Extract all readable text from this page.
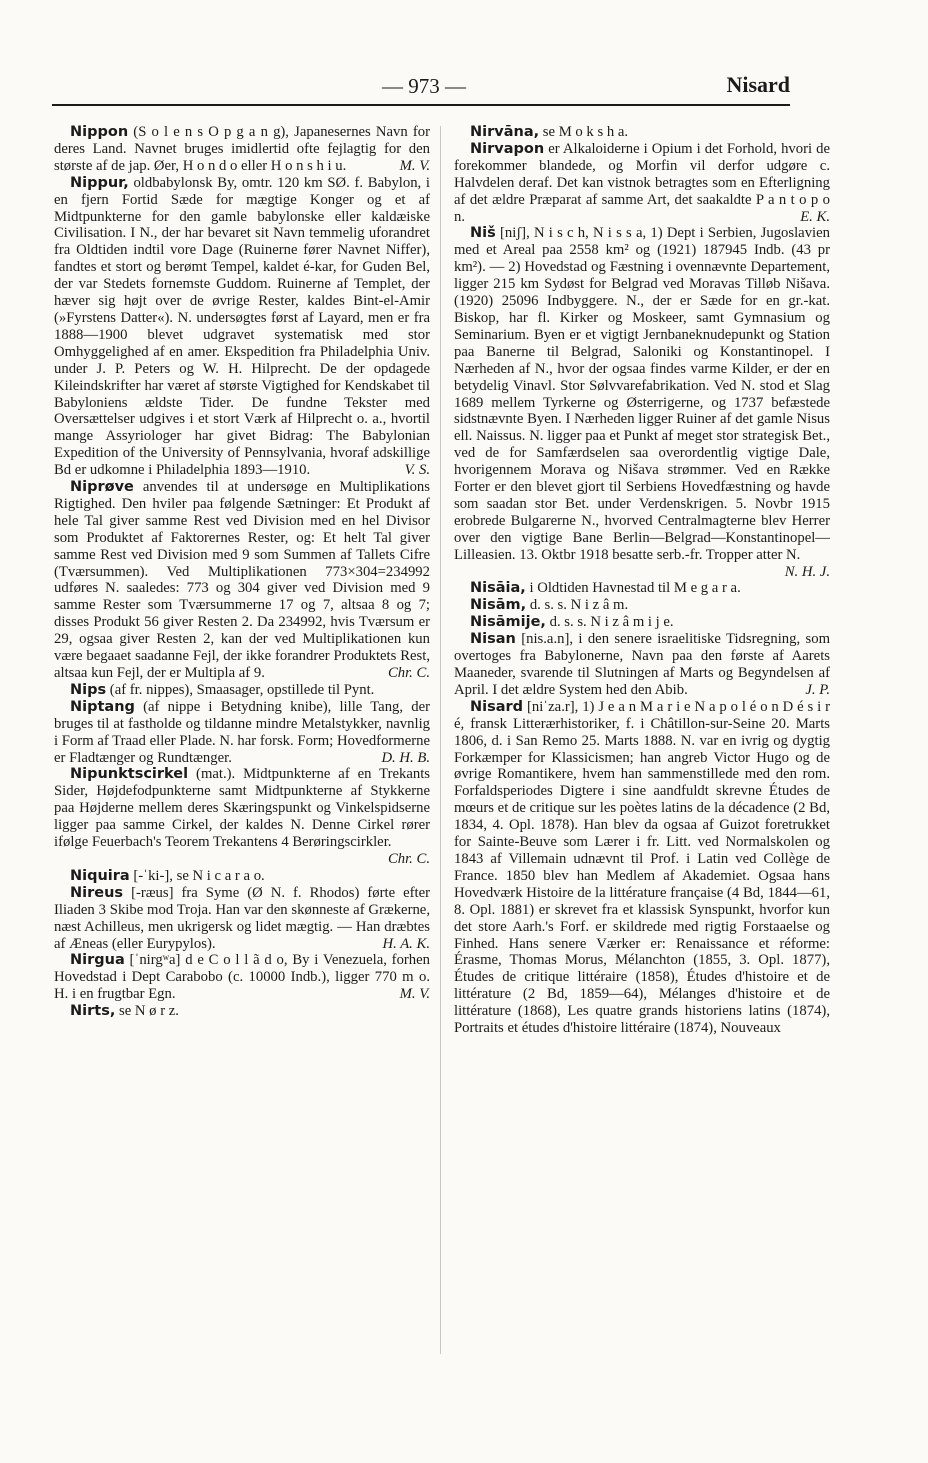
— 973 —	Nisard

Nippon (S o l e n s O p g a n g), Japanesernes Navn for deres Land. Navnet bruges imidlertid ofte fejlagtig for den største af de jap. Øer, H o n d o eller H o n s h i u.	M. V.

Nippur, oldbabylonsk By, omtr. 120 km SØ. f. Babylon, i en fjern Fortid Sæde for mægtige Konger og et af Midtpunkterne for den gamle babylonske eller kaldæiske Civilisation. I N., der har bevaret sit Navn temmelig uforandret fra Oldtiden indtil vore Dage (Ruinerne fører Navnet Niffer), fandtes et stort og berømt Tempel, kaldet é-kar, for Guden Bel, der var Stedets fornemste Guddom. Ruinerne af Templet, der hæver sig højt over de øvrige Rester, kaldes Bint-el-Amir (»Fyrstens Datter«). N. undersøgtes først af Layard, men er fra 1888—1900 blevet udgravet systematisk med stor Omhyggelighed af en amer. Ekspedition fra Philadelphia Univ. under J. P. Peters og W. H. Hilprecht. De der opdagede Kileindskrifter har været af største Vigtighed for Kendskabet til Babyloniens ældste Tider. De fundne Tekster med Oversættelser udgives i et stort Værk af Hilprecht o. a., hvortil mange Assyriologer har givet Bidrag: The Babylonian Expedition of the University of Pennsylvania, hvoraf adskillige Bd er udkomne i Philadelphia 1893—1910.	V. S.

Niprøve anvendes til at undersøge en Multiplikations Rigtighed. Den hviler paa følgende Sætninger: Et Produkt af hele Tal giver samme Rest ved Division med en hel Divisor som Produktet af Faktorernes Rester, og: Et helt Tal giver samme Rest ved Division med 9 som Summen af Tallets Cifre (Tværsummen). Ved Multiplikationen 773×304=234992 udføres N. saaledes: 773 og 304 giver ved Division med 9 samme Rester som Tværsummerne 17 og 7, altsaa 8 og 7; disses Produkt 56 giver Resten 2. Da 234992, hvis Tværsum er 29, ogsaa giver Resten 2, kan der ved Multiplikationen kun være begaaet saadanne Fejl, der ikke forandrer Produktets Rest, altsaa kun Fejl, der er Multipla af 9.	Chr. C.

Nips (af fr. nippes), Smaasager, opstillede til Pynt.

Niptang (af nippe i Betydning knibe), lille Tang, der bruges til at fastholde og tildanne mindre Metalstykker, navnlig i Form af Traad eller Plade. N. har forsk. Form; Hovedformerne er Fladtænger og Rundtænger.	D. H. B.

Nipunktscirkel (mat.). Midtpunkterne af en Trekants Sider, Højdefodpunkterne samt Midtpunkterne af Stykkerne paa Højderne mellem deres Skæringspunkt og Vinkelspidserne ligger paa samme Cirkel, der kaldes N. Denne Cirkel rører ifølge Feuerbach's Teorem Trekantens 4 Berøringscirkler.
Chr. C.

Niquira [-ˈki-], se N i c a r a o.

Nireus [-ræus] fra Syme (Ø N. f. Rhodos) førte efter Iliaden 3 Skibe mod Troja. Han var den skønneste af Grækerne, næst Achilleus, men ukrigersk og lidet mægtig. — Han dræbtes af Æneas (eller Eurypylos).	H. A. K.

Nirgua [ˈnirgʷa] d e C o l l ã d o, By i Venezuela, forhen Hovedstad i Dept Carabobo (c. 10000 Indb.), ligger 770 m o. H. i en frugtbar Egn.	M. V.

Nirts, se N ø r z.

Nirvāna, se M o k s h a.

Nirvapon er Alkaloiderne i Opium i det Forhold, hvori de forekommer blandede, og Morfin vil derfor udgøre c. Halvdelen deraf. Det kan vistnok betragtes som en Efterligning af det ældre Præparat af samme Art, det saakaldte P a n t o p o n.	E. K.

Niš [niʃ], N i s c h, N i s s a, 1) Dept i Serbien, Jugoslavien med et Areal paa 2558 km² og (1921) 187945 Indb. (43 pr km²). — 2) Hovedstad og Fæstning i ovennævnte Departement, ligger 215 km Sydøst for Belgrad ved Moravas Tilløb Nišava. (1920) 25096 Indbyggere. N., der er Sæde for en gr.-kat. Biskop, har fl. Kirker og Moskeer, samt Gymnasium og Seminarium. Byen er et vigtigt Jernbaneknudepunkt og Station paa Banerne til Belgrad, Saloniki og Konstantinopel. I Nærheden af N., hvor der ogsaa findes varme Kilder, er der en betydelig Vinavl. Stor Sølvvarefabrikation. Ved N. stod et Slag 1689 mellem Tyrkerne og Østerrigerne, og 1737 befæstede sidstnævnte Byen. I Nærheden ligger Ruiner af det gamle Nisus ell. Naissus. N. ligger paa et Punkt af meget stor strategisk Bet., ved de for Samfærdselen saa overordentlig vigtige Dale, hvorigennem Morava og Nišava strømmer. Ved en Række Forter er den blevet gjort til Serbiens Hovedfæstning og havde som saadan stor Bet. under Verdenskrigen. 5. Novbr 1915 erobrede Bulgarerne N., hvorved Centralmagterne blev Herrer over den vigtige Bane Berlin—Belgrad—Konstantinopel—Lilleasien. 13. Oktbr 1918 besatte serb.-fr. Tropper atter N.
N. H. J.

Nisāia, i Oldtiden Havnestad til M e g a r a.

Nisām, d. s. s. N i z â m.

Nisāmije, d. s. s. N i z â m i j e.

Nisan [nis.a.n], i den senere israelitiske Tidsregning, som overtoges fra Babylonerne, Navn paa den første af Aarets Maaneder, svarende til Slutningen af Marts og Begyndelsen af April. I det ældre System hed den Abib.	J. P.

Nisard [niˈza.r], 1) J e a n M a r i e N a p o l é o n D é s i r é, fransk Litterærhistoriker, f. i Châtillon-sur-Seine 20. Marts 1806, d. i San Remo 25. Marts 1888. N. var en ivrig og dygtig Forkæmper for Klassicismen; han angreb Victor Hugo og de øvrige Romantikere, hvem han sammenstillede med den rom. Forfaldsperiodes Digtere i sine aandfuldt skrevne Études de mœurs et de critique sur les poètes latins de la décadence (2 Bd, 1834, 4. Opl. 1878). Han blev da ogsaa af Guizot foretrukket for Sainte-Beuve som Lærer i fr. Litt. ved Normalskolen og 1843 af Villemain udnævnt til Prof. i Latin ved Collège de France. 1850 blev han Medlem af Akademiet. Ogsaa hans Hovedværk Histoire de la littérature française (4 Bd, 1844—61, 8. Opl. 1881) er skrevet fra et klassisk Synspunkt, hvorfor kun det store Aarh.'s Forf. er skildrede med rigtig Forstaaelse og Finhed. Hans senere Værker er: Renaissance et réforme: Érasme, Thomas Morus, Mélanchton (1855, 3. Opl. 1877), Études de critique littéraire (1858), Études d'histoire et de littérature (2 Bd, 1859—64), Mélanges d'histoire et de littérature (1868), Les quatre grands historiens latins (1874), Portraits et études d'histoire littéraire (1874), Nouveaux
